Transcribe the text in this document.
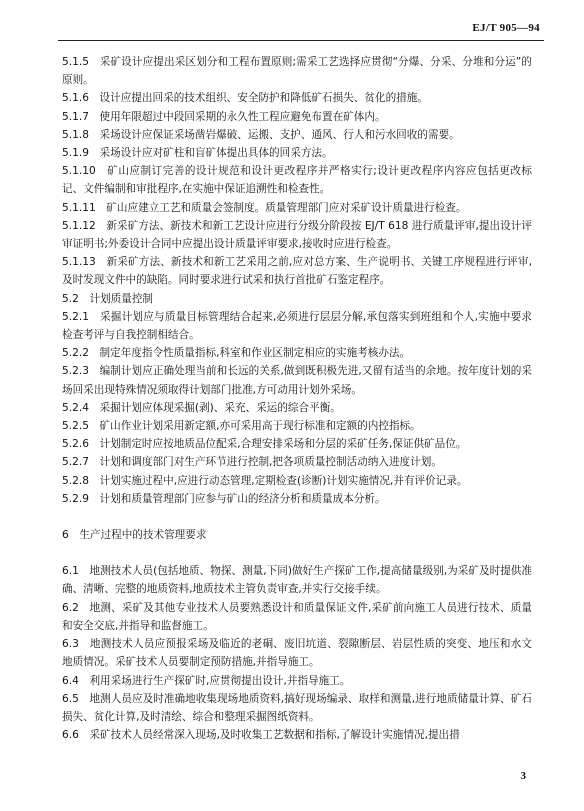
EJ/T 905—94

5.1.5　采矿设计应提出采区划分和工程布置原则;需采工艺选择应贯彻“分爆、分采、分堆和分运”的原则。

5.1.6　设计应提出回采的技术组织、安全防护和降低矿石损失、贫化的措施。

5.1.7　使用年限超过中段回采期的永久性工程应避免布置在矿体内。

5.1.8　采场设计应保证采场凿岩爆破、运搬、支护、通风、行人和污水回收的需要。

5.1.9　采场设计应对矿柱和盲矿体提出具体的回采方法。

5.1.10　矿山应制订完善的设计规范和设计更改程序并严格实行;设计更改程序内容应包括更改标记、文件编制和审批程序,在实施中保证追溯性和检查性。

5.1.11　矿山应建立工艺和质量会签制度。质量管理部门应对采矿设计质量进行检查。

5.1.12　新采矿方法、新技术和新工艺设计应进行分级分阶段按 EJ/T 618 进行质量评审,提出设计评审证明书;外委设计合同中应提出设计质量评审要求,接收时应进行检查。

5.1.13　新采矿方法、新技术和新工艺采用之前,应对总方案、生产说明书、关键工序规程进行评审,及时发现文件中的缺陷。同时要求进行试采和执行首批矿石鉴定程序。

5.2　计划质量控制

5.2.1　采掘计划应与质量目标管理结合起来,必须进行层层分解,承包落实到班组和个人,实施中要求检查考评与自我控制相结合。

5.2.2　制定年度指令性质量指标,科室和作业区制定相应的实施考核办法。

5.2.3　编制计划应正确处理当前和长远的关系,做到既积极先进,又留有适当的余地。按年度计划的采场回采出现特殊情况须取得计划部门批准,方可动用计划外采场。

5.2.4　采掘计划应体现采掘(剥)、采充、采运的综合平衡。

5.2.5　矿山作业计划采用新定额,亦可采用高于现行标准和定额的内控指标。

5.2.6　计划制定时应按地质品位配采,合理安排采场和分层的采矿任务,保证供矿品位。

5.2.7　计划和调度部门对生产环节进行控制,把各项质量控制活动纳入进度计划。

5.2.8　计划实施过程中,应进行动态管理,定期检查(诊断)计划实施情况,并有评价记录。

5.2.9　计划和质量管理部门应参与矿山的经济分析和质量成本分析。

6　生产过程中的技术管理要求

6.1　地测技术人员(包括地质、物探、测量,下同)做好生产探矿工作,提高储量级别,为采矿及时提供准确、清晰、完整的地质资料,地质技术主管负责审查,并实行交接手续。

6.2　地测、采矿及其他专业技术人员要熟悉设计和质量保证文件,采矿前向施工人员进行技术、质量和安全交底,并指导和监督施工。

6.3　地测技术人员应预报采场及临近的老硐、废旧坑道、裂隙断层、岩层性质的突变、地压和水文地质情况。采矿技术人员要制定预防措施,并指导施工。

6.4　利用采场进行生产探矿时,应贯彻提出设计,并指导施工。

6.5　地测人员应及时准确地收集现场地质资料,搞好现场编录、取样和测量,进行地质储量计算、矿石损失、贫化计算,及时清绘、综合和整理采掘图纸资料。

6.6　采矿技术人员经常深入现场,及时收集工艺数据和指标,了解设计实施情况,提出措

3
